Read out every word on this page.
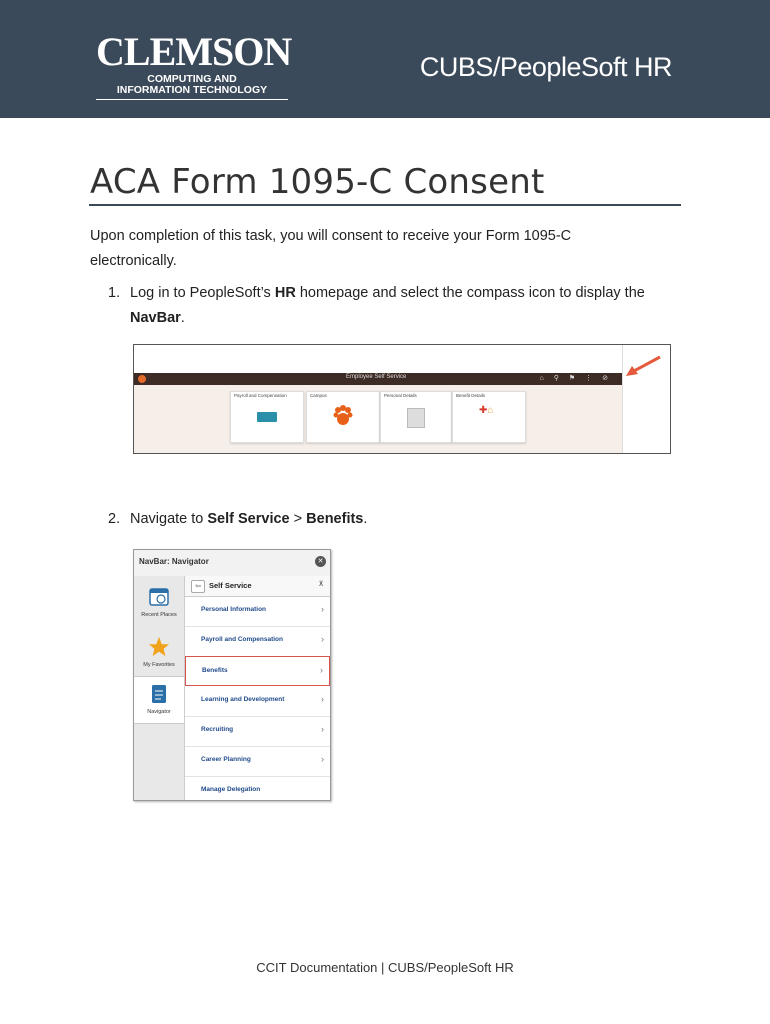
CLEMSON
COMPUTING AND
INFORMATION TECHNOLOGY
CUBS/PeopleSoft HR
ACA Form 1095-C Consent
Upon completion of this task, you will consent to receive your Form 1095-C electronically.
1. Log in to PeopleSoft’s HR homepage and select the compass icon to display the
NavBar.
Employee Self Service	⌂⚲⚑⋮⊘
Payroll and Compensation	Campus	Personal Details	Benefit Details
✚⌂
2. Navigate to Self Service > Benefits.
NavBar: Navigator	✕
Recent Places
My Favorites
Navigator
⇦	Self Service	⊼
Personal Information	›
Payroll and Compensation	›
Benefits	›
Learning and Development	›
Recruiting	›
Career Planning	›
Manage Delegation
CCIT Documentation | CUBS/PeopleSoft HR
